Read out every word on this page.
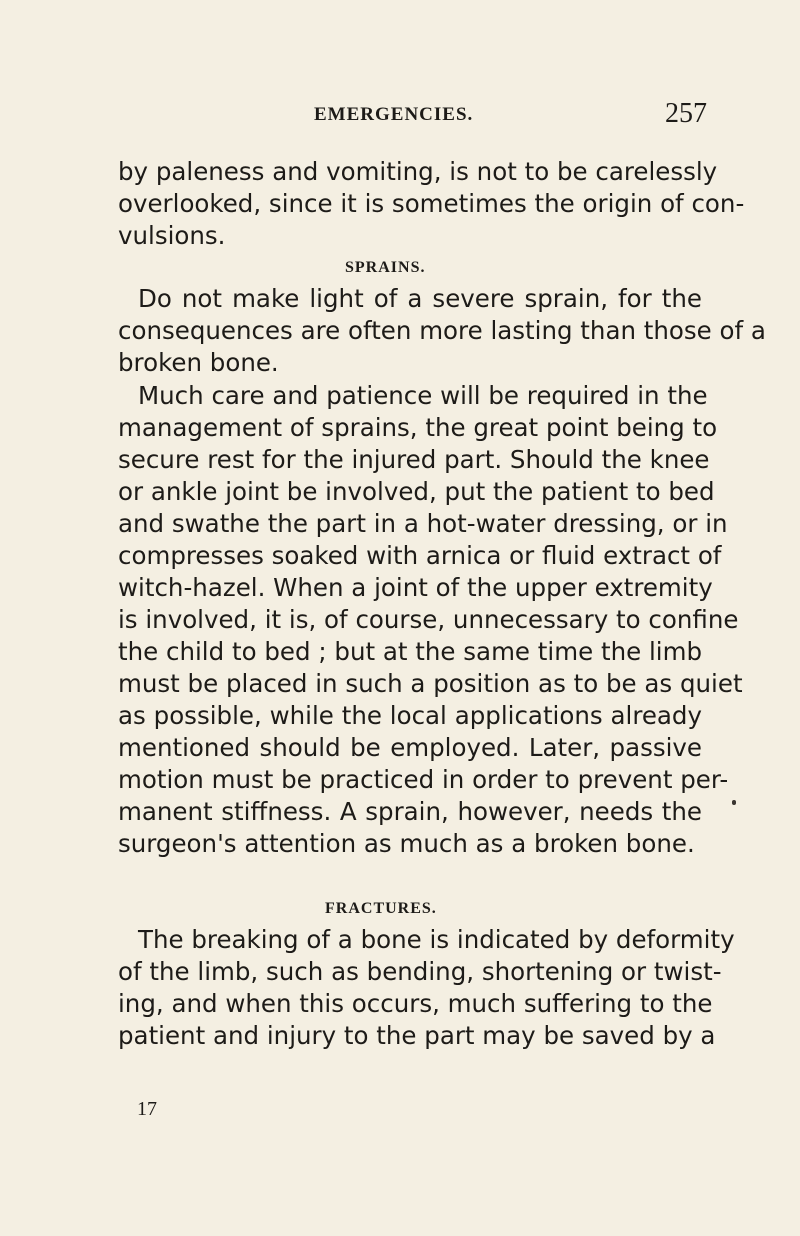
EMERGENCIES.	257
by paleness and vomiting, is not to be carelessly
overlooked, since it is sometimes the origin of con-
vulsions.
SPRAINS.
Do not make light of a severe sprain, for the
consequences are often more lasting than those of a
broken bone.
Much care and patience will be required in the
management of sprains, the great point being to
secure rest for the injured part. Should the knee
or ankle joint be involved, put the patient to bed
and swathe the part in a hot-water dressing, or in
compresses soaked with arnica or fluid extract of
witch-hazel. When a joint of the upper extremity
is involved, it is, of course, unnecessary to confine
the child to bed ; but at the same time the limb
must be placed in such a position as to be as quiet
as possible, while the local applications already
mentioned should be employed. Later, passive
motion must be practiced in order to prevent per-
manent stiffness. A sprain, however, needs the
surgeon's attention as much as a broken bone.
FRACTURES.
The breaking of a bone is indicated by deformity
of the limb, such as bending, shortening or twist-
ing, and when this occurs, much suffering to the
patient and injury to the part may be saved by a
17
